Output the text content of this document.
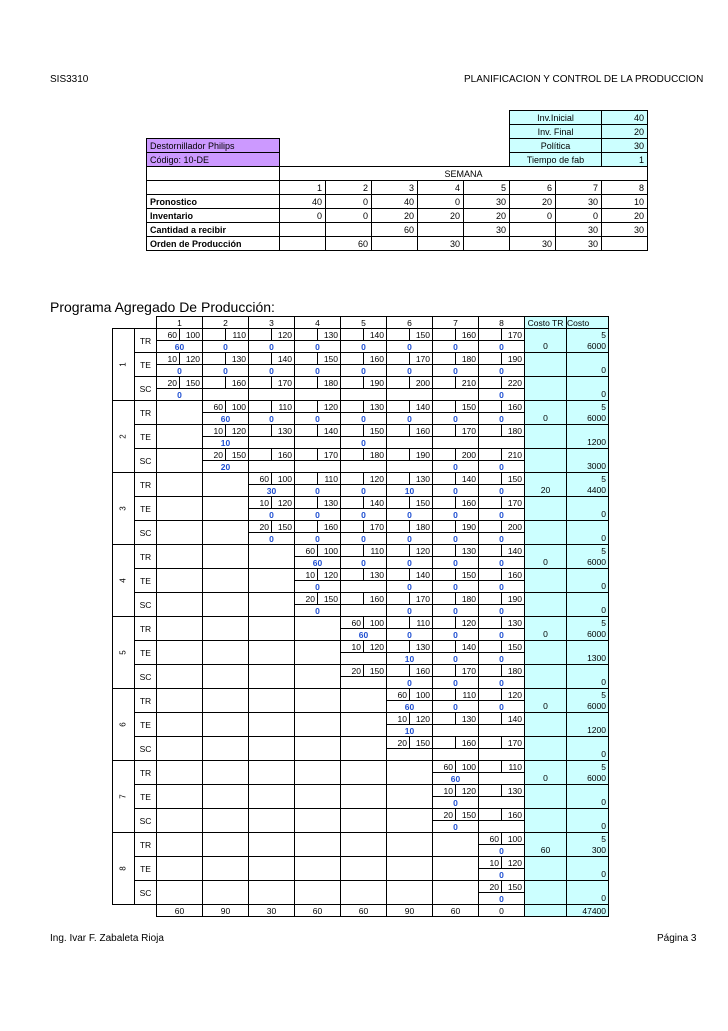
SIS3310	PLANIFICACION Y CONTROL DE LA PRODUCCION
						Inv.Inicial		40
						Inv. Final		20
Destornillador Philips						Política		30
Código: 10-DE						Tiempo de fab		1
	SEMANA							
	1	2	3	4	5	6	7	8
Pronostico	40	0	40	0	30	20	30	10
Inventario	0	0	20	20	20	0	0	20
Cantidad a recibir			60		30		30	30
Orden de Producción		60		30		30	30	
Programa Agregado De Producción:
		1		2		3		4		5		6		7		8		Costo TR	Costo
1	TR	60	100		110		120		130		140		150		160		170		5
		60		0		0		0		0		0		0		0		0	6000
	TE	10	120		130		140		150		160		170		180		190		
		0		0		0		0		0		0		0		0			0
	SC	20	150		160		170		180		190		200		210		220		
		0														0			0
2	TR			60	100		110		120		130		140		150		160		5
				60		0		0		0		0		0		0		0	6000
	TE			10	120		130		140		150		160		170		180		
				10						0									1200
	SC			20	150		160		170		180		190		200		210		
				20										0		0			3000
3	TR					60	100		110		120		130		140		150		5
						30		0		0		10		0		0		20	4400
	TE					10	120		130		140		150		160		170		
						0		0		0		0		0		0			0
	SC					20	150		160		170		180		190		200		
						0		0		0		0		0		0			0
4	TR							60	100		110		120		130		140		5
								60		0		0		0		0		0	6000
	TE							10	120		130		140		150		160		
								0				0		0		0			0
	SC							20	150		160		170		180		190		
								0				0		0		0			0
5	TR									60	100		110		120		130		5
										60		0		0		0		0	6000
	TE									10	120		130		140		150		
												10		0		0			1300
	SC									20	150		160		170		180		
												0		0		0			0
6	TR											60	100		110		120		5
												60		0		0		0	6000
	TE											10	120		130		140		
												10							1200
	SC											20	150		160		170		
																			0
7	TR													60	100		110		5
														60				0	6000
	TE													10	120		130		
														0					0
	SC													20	150		160		
														0					0
8	TR															60	100		5
																0		60	300
	TE															10	120		
																0			0
	SC															20	150		
																0			0
		60		90		30		60		60		90		60		0			47400
Ing. Ivar F. Zabaleta Rioja	Página 3
